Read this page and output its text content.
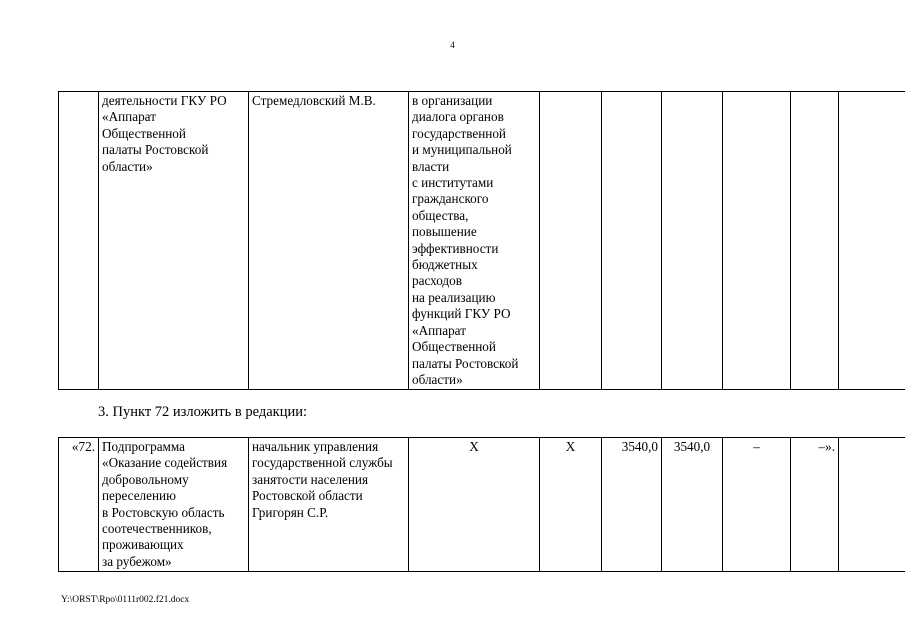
4
	деятельности ГКУ РО
«Аппарат
Общественной
палаты Ростовской
области»	Стремедловский М.В.	в организации
диалога органов
государственной
и муниципальной
власти
с институтами
гражданского
общества,
повышение
эффективности
бюджетных
расходов
на реализацию
функций ГКУ РО
«Аппарат
Общественной
палаты Ростовской
области»						
3. Пункт 72 изложить в редакции:
«72.	Подпрограмма
«Оказание содействия
добровольному
переселению
в Ростовскую область
соотечественников,
проживающих
за рубежом»	начальник управления
государственной службы
занятости населения
Ростовской области
Григорян С.Р.	X	X	3540,0	3540,0	–	–».	
Y:\ORST\Rpo\0111r002.f21.docx
